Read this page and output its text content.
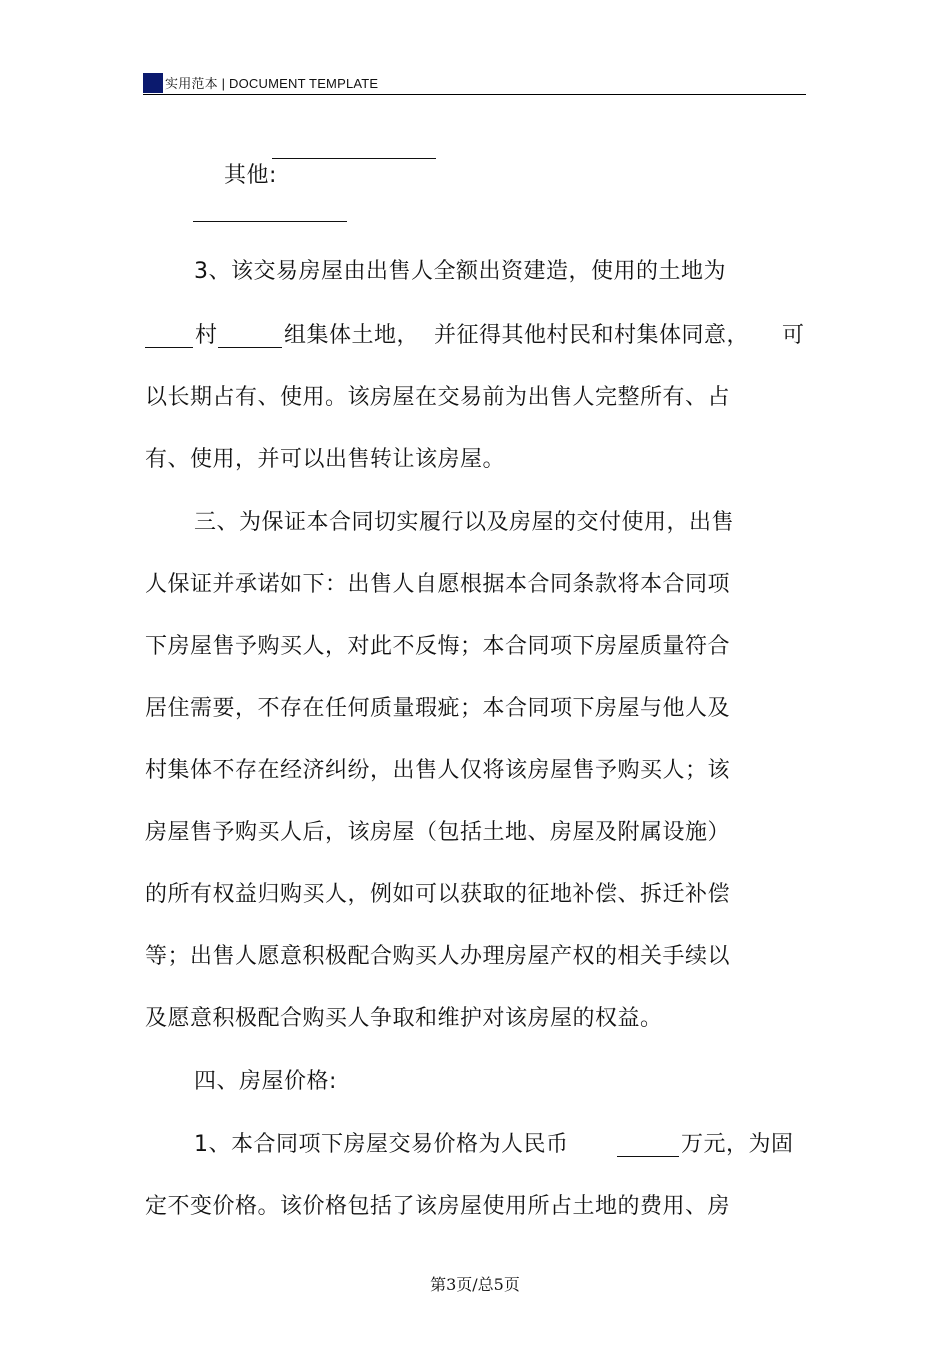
实用范本 | DOCUMENT TEMPLATE

其他:

3、该交易房屋由出售人全额出资建造，使用的土地为
村	组集体土地，  并征得其他村民和村集体同意， 可
以长期占有、使用。该房屋在交易前为出售人完整所有、占
有、使用，并可以出售转让该房屋。
三、为保证本合同切实履行以及房屋的交付使用，出售
人保证并承诺如下：出售人自愿根据本合同条款将本合同项
下房屋售予购买人，对此不反悔；本合同项下房屋质量符合
居住需要，不存在任何质量瑕疵；本合同项下房屋与他人及
村集体不存在经济纠纷，出售人仅将该房屋售予购买人；该
房屋售予购买人后，该房屋（包括土地、房屋及附属设施）
的所有权益归购买人，例如可以获取的征地补偿、拆迁补偿
等；出售人愿意积极配合购买人办理房屋产权的相关手续以
及愿意积极配合购买人争取和维护对该房屋的权益。
四、房屋价格:
1、本合同项下房屋交易价格为人民币	万元，为固
定不变价格。该价格包括了该房屋使用所占土地的费用、房
第3页/总5页
